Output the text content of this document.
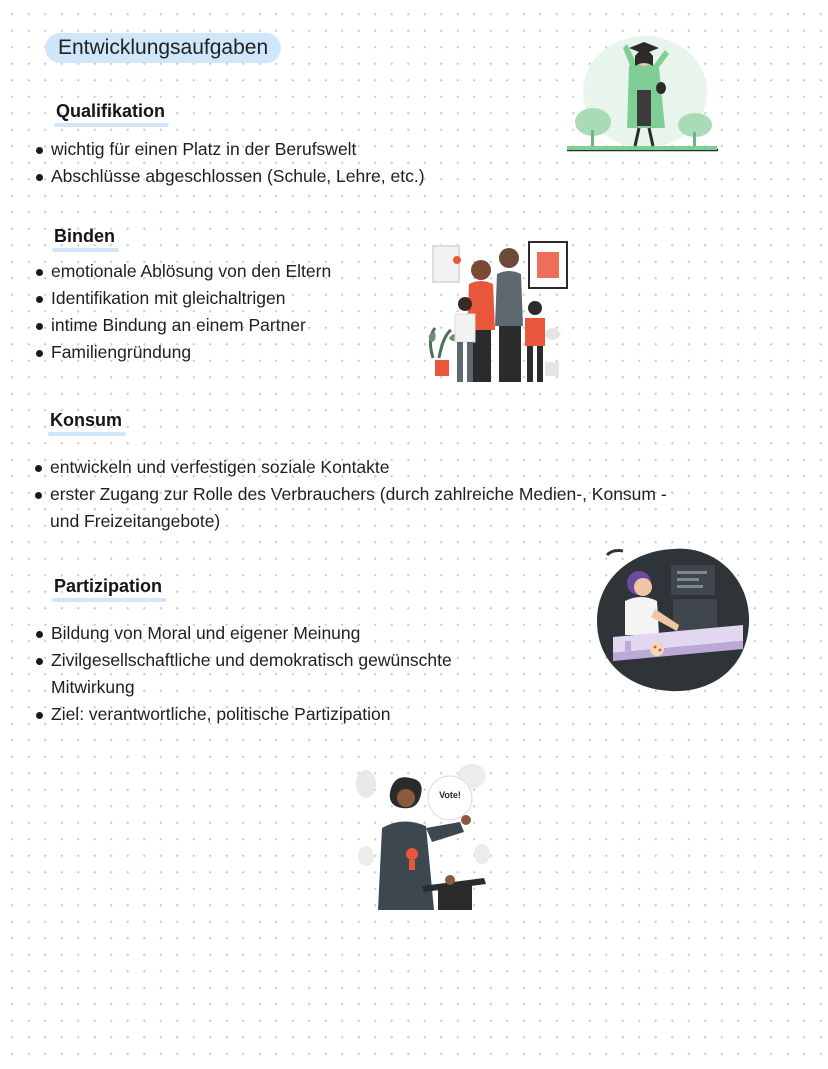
Entwicklungsaufgaben
Qualifikation
wichtig für einen Platz in der Berufswelt
Abschlüsse abgeschlossen (Schule, Lehre, etc.)
Binden
emotionale Ablösung von den Eltern
Identifikation mit gleichaltrigen
intime Bindung an einem Partner
Familiengründung
Konsum
entwickeln und verfestigen soziale Kontakte
erster Zugang zur Rolle des Verbrauchers (durch zahlreiche Medien-, Konsum -
und Freizeitangebote)
Partizipation
Bildung von Moral und eigener Meinung
Zivilgesellschaftliche und demokratisch gewünschte
Mitwirkung
Ziel: verantwortliche, politische Partizipation
Vote!
